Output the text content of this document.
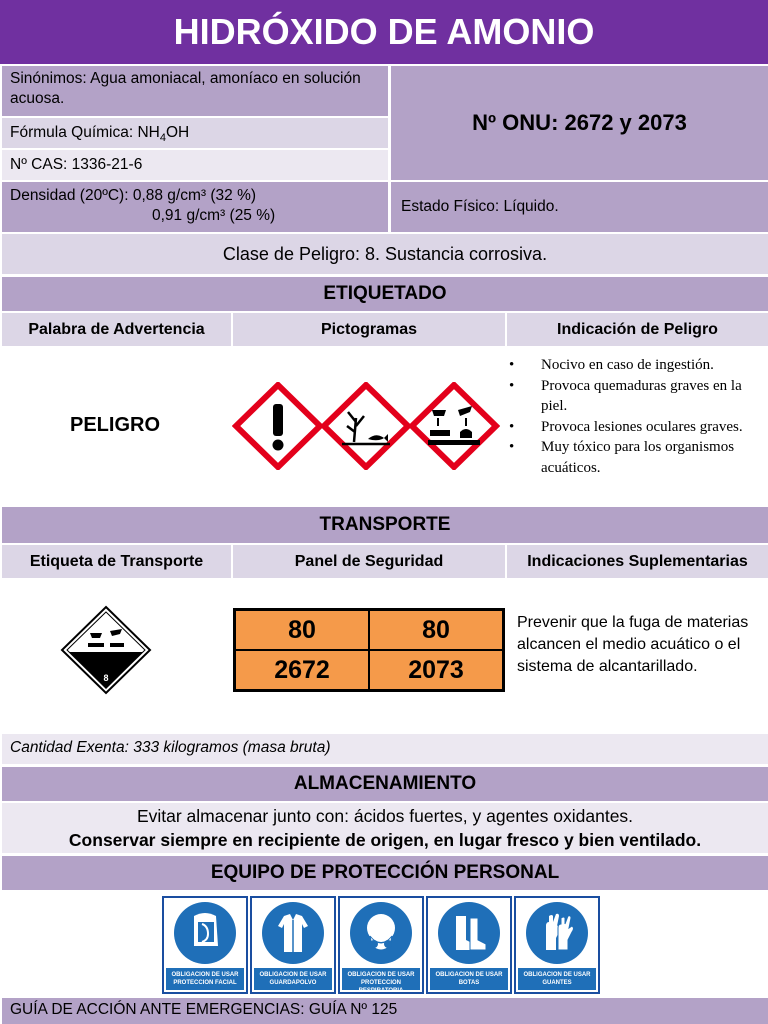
HIDRÓXIDO DE AMONIO
Sinónimos: Agua amoniacal, amoníaco en solución acuosa.
Fórmula Química: $NH_4OH$
Nº CAS: 1336-21-6
Nº ONU: 2672 y 2073
Densidad (20ºC): 0,88 g/cm³ (32 %)
0,91 g/cm³ (25 %)
Estado Físico: Líquido.
Clase de Peligro: 8. Sustancia corrosiva.
ETIQUETADO
Palabra de Advertencia	Pictogramas	Indicación de Peligro
PELIGRO
• Nocivo en caso de ingestión.
• Provoca quemaduras graves en la piel.
• Provoca lesiones oculares graves.
• Muy tóxico para los organismos acuáticos.
TRANSPORTE
Etiqueta de Transporte	Panel de Seguridad	Indicaciones Suplementarias
8
80	80
2672	2073
Prevenir que la fuga de materias alcancen el medio acuático o el sistema de alcantarillado.
Cantidad Exenta: 333 kilogramos (masa bruta)
ALMACENAMIENTO
Evitar almacenar junto con: ácidos fuertes, y agentes oxidantes.
Conservar siempre en recipiente de origen, en lugar fresco y bien ventilado.
EQUIPO DE PROTECCIÓN PERSONAL
OBLIGACION DE USAR PROTECCION FACIAL
OBLIGACION DE USAR GUARDAPOLVO
OBLIGACION DE USAR PROTECCION RESPIRATORIA
OBLIGACION DE USAR BOTAS
OBLIGACION DE USAR GUANTES
GUÍA DE ACCIÓN ANTE EMERGENCIAS: GUÍA Nº 125
